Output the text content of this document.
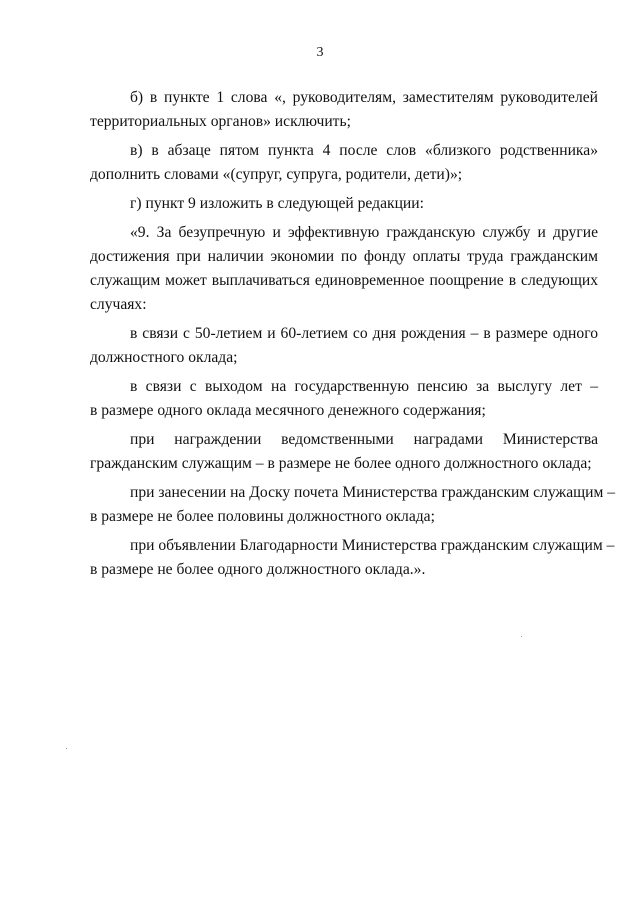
3
б) в пункте 1 слова «, руководителям, заместителям руководителей
территориальных органов» исключить;
в) в абзаце пятом пункта 4 после слов «близкого родственника»
дополнить словами «(супруг, супруга, родители, дети)»;
г) пункт 9 изложить в следующей редакции:
«9. За безупречную и эффективную гражданскую службу и другие
достижения при наличии экономии по фонду оплаты труда гражданским
служащим может выплачиваться единовременное поощрение в следующих
случаях:
в связи с 50-летием и 60-летием со дня рождения – в размере одного
должностного оклада;
в связи с выходом на государственную пенсию за выслугу лет –
в размере одного оклада месячного денежного содержания;
при награждении ведомственными наградами Министерства
гражданским служащим – в размере не более одного должностного оклада;
при занесении на Доску почета Министерства гражданским служащим –
в размере не более половины должностного оклада;
при объявлении Благодарности Министерства гражданским служащим –
в размере не более одного должностного оклада.».
